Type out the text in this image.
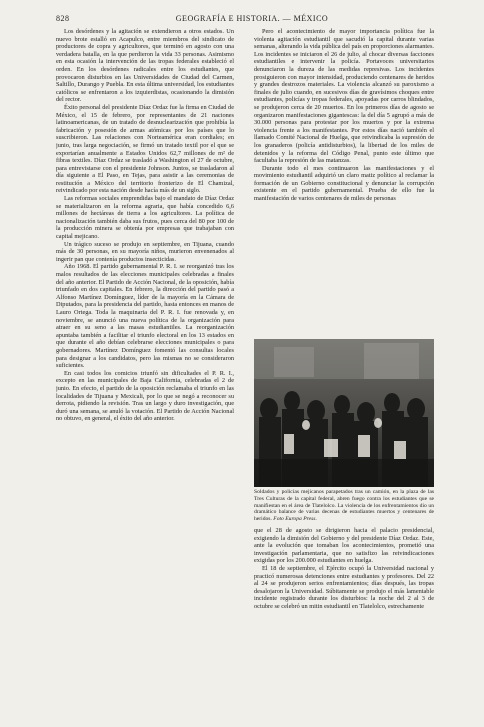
828	GEOGRAFÍA E HISTORIA. — MÉXICO

Los desórdenes y la agitación se extendieron a otros estados. Un nuevo brote estalló en Acapulco, entre miembros del sindicato de productores de copra y agricultores, que terminó en agosto con una verdadera batalla, en la que perdieron la vida 33 personas. Asimismo en esta ocasión la intervención de las tropas federales estableció el orden. En los desórdenes radicales entre los estudiantes, que provocaron disturbios en las Universidades de Ciudad del Carmen, Saltillo, Durango y Puebla. En esta última universidad, los estudiantes católicos se enfrentaron a los izquierdistas, ocasionando la dimisión del rector.

Éxito personal del presidente Díaz Ordaz fue la firma en Ciudad de México, el 15 de febrero, por representantes de 21 naciones latinoamericanas, de un tratado de desnuclearización que prohibía la fabricación y posesión de armas atómicas por los países que lo suscribieron. Las relaciones con Norteamérica eran cordiales; en junio, tras larga negociación, se firmó un tratado textil por el que se exportarían anualmente a Estados Unidos 62,7 millones de m² de fibras textiles. Díaz Ordaz se trasladó a Washington el 27 de octubre, para entrevistarse con el presidente Johnson. Juntos, se trasladaron al día siguiente a El Paso, en Tejas, para asistir a las ceremonias de restitución a México del territorio fronterizo de El Chamizal, reivindicado por esta nación desde hacía más de un siglo.

Las reformas sociales emprendidas bajo el mandato de Díaz Ordaz se materializaron en la reforma agraria, que había concedido 6,6 millones de hectáreas de tierra a los agricultores. La política de nacionalización también daba sus frutos, pues cerca del 80 por 100 de la producción minera se obtenía por empresas que trabajaban con capital mejicano.

Un trágico suceso se produjo en septiembre, en Tijuana, cuando más de 30 personas, en su mayoría niños, murieron envenenados al ingerir pan que contenía productos insecticidas.

Año 1968. El partido gubernamental P. R. I. se reorganizó tras los malos resultados de las elecciones municipales celebradas a finales del año anterior. El Partido de Acción Nacional, de la oposición, había triunfado en dos capitales. En febrero, la dirección del partido pasó a Alfonso Martínez Domínguez, líder de la mayoría en la Cámara de Diputados, para la presidencia del partido, hasta entonces en manos de Lauro Ortega. Toda la maquinaria del P. R. I. fue renovada y, en noviembre, se anunció una nueva política de la organización para atraer en su seno a las masas estudiantiles. La reorganización apuntaba también a facilitar el triunfo electoral en los 13 estados en que durante el año debían celebrarse elecciones municipales o para gobernadores. Martínez Domínguez fomentó las consultas locales para designar a los candidatos, pero las mismas no se consideraron suficientes.

En casi todos los comicios triunfó sin dificultades el P. R. I., excepto en las municipales de Baja California, celebradas el 2 de junio. En efecto, el partido de la oposición reclamaba el triunfo en las localidades de Tijuana y Mexicali, por lo que se negó a reconocer su derrota, pidiendo la revisión. Tras un largo y duro investigación, que duró una semana, se anuló la votación. El Partido de Acción Nacional no obtuvo, en general, el éxito del año anterior.

Pero el acontecimiento de mayor importancia política fue la violenta agitación estudiantil que sacudió la capital durante varias semanas, alterando la vida pública del país en proporciones alarmantes. Los incidentes se iniciaron el 26 de julio, al chocar diversas facciones estudiantiles e intervenir la policía. Portavoces universitarios denunciaron la dureza de las medidas represivas. Los incidentes prosiguieron con mayor intensidad, produciendo centenares de heridos y grandes destrozos materiales. La violencia alcanzó su paroxismo a finales de julio cuando, en sucesivos días de gravísimos choques entre estudiantes, policías y tropas federales, apoyadas por carros blindados, se produjeron cerca de 20 muertos. En los primeros días de agosto se organizaron manifestaciones gigantescas: la del día 5 agrupó a más de 30.000 personas para protestar por los muertos y por la extrema violencia frente a los manifestantes. Por estos días nació también el llamado Comité Nacional de Huelga, que reivindicaba la supresión de los granaderos (policía antidisturbios), la libertad de los miles de detenidos y la reforma del Código Penal, punto este último que facultaba la represión de las matanzas.

Durante todo el mes continuaron las manifestaciones y el movimiento estudiantil adquirió un claro matiz político al reclamar la formación de un Gobierno constitucional y denunciar la corrupción existente en el partido gubernamental. Prueba de ello fue la manifestación de varios centenares de miles de personas

Soldados y policías mejicanos parapetados tras un camión, en la plaza de las Tres Culturas de la capital federal, abren fuego contra los estudiantes que se manifiestan en el área de Tlatelolco. La violencia de los enfrentamientos dio un dramático balance de varias decenas de estudiantes muertos y centenares de heridos. Foto Europa Press.

que el 28 de agosto se dirigieron hacia el palacio presidencial, exigiendo la dimisión del Gobierno y del presidente Díaz Ordaz. Este, ante la evolución que tomaban los acontecimientos, prometió una investigación parlamentaria, que no satisfizo las reivindicaciones exigidas por los 200.000 estudiantes en huelga.

El 18 de septiembre, el Ejército ocupó la Universidad nacional y practicó numerosas detenciones entre estudiantes y profesores. Del 22 al 24 se produjeron serios enfrentamientos; días después, las tropas desalojaron la Universidad. Súbitamente se produjo el más lamentable incidente registrado durante los disturbios: la noche del 2 al 3 de octubre se celebró un mitin estudiantil en Tlatelolco, estrechamente
